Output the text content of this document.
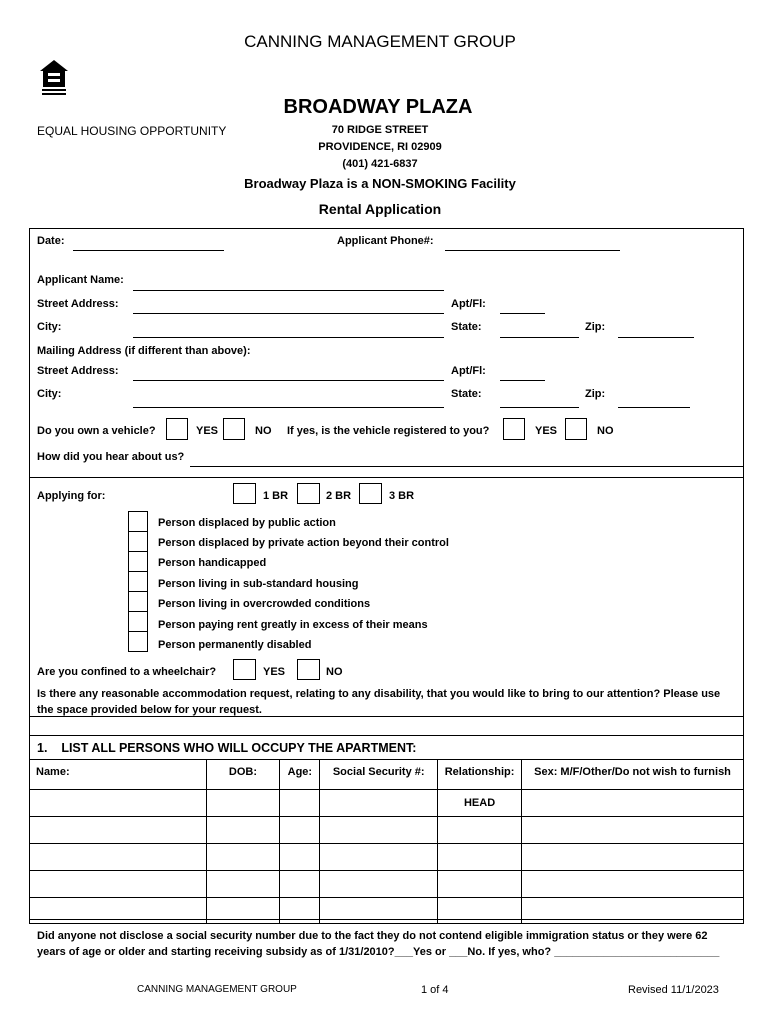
CANNING MANAGEMENT GROUP
BROADWAY PLAZA
EQUAL HOUSING OPPORTUNITY	70 RIDGE STREET
PROVIDENCE, RI 02909
(401) 421-6837
Broadway Plaza is a NON-SMOKING Facility
Rental Application
Date:	Applicant Phone#:
Applicant Name:
Street Address:	Apt/Fl:
City:	State:	Zip:
Mailing Address (if different than above):
Street Address:	Apt/Fl:
City:	State:	Zip:
Do you own a vehicle?	YES	NO If yes, is the vehicle registered to you?	YES	NO
How did you hear about us?
Applying for:	1 BR	2 BR	3 BR
Person displaced by public action
Person displaced by private action beyond their control
Person handicapped
Person living in sub-standard housing
Person living in overcrowded conditions
Person paying rent greatly in excess of their means
Person permanently disabled
Are you confined to a wheelchair?	YES	NO
Is there any reasonable accommodation request, relating to any disability, that you would like to bring to our attention? Please use the space provided below for your request.
1.    LIST ALL PERSONS WHO WILL OCCUPY THE APARTMENT:
Name:	DOB:	Age:	Social Security #:	Relationship:	Sex: M/F/Other/Do not wish to furnish
				HEAD	

Did anyone not disclose a social security number due to the fact they do not contend eligible immigration status or they were 62 years of age or older and starting receiving subsidy as of 1/31/2010?___Yes or ___No. If yes, who? ___________________________
CANNING MANAGEMENT GROUP	1 of 4	Revised 11/1/2023
